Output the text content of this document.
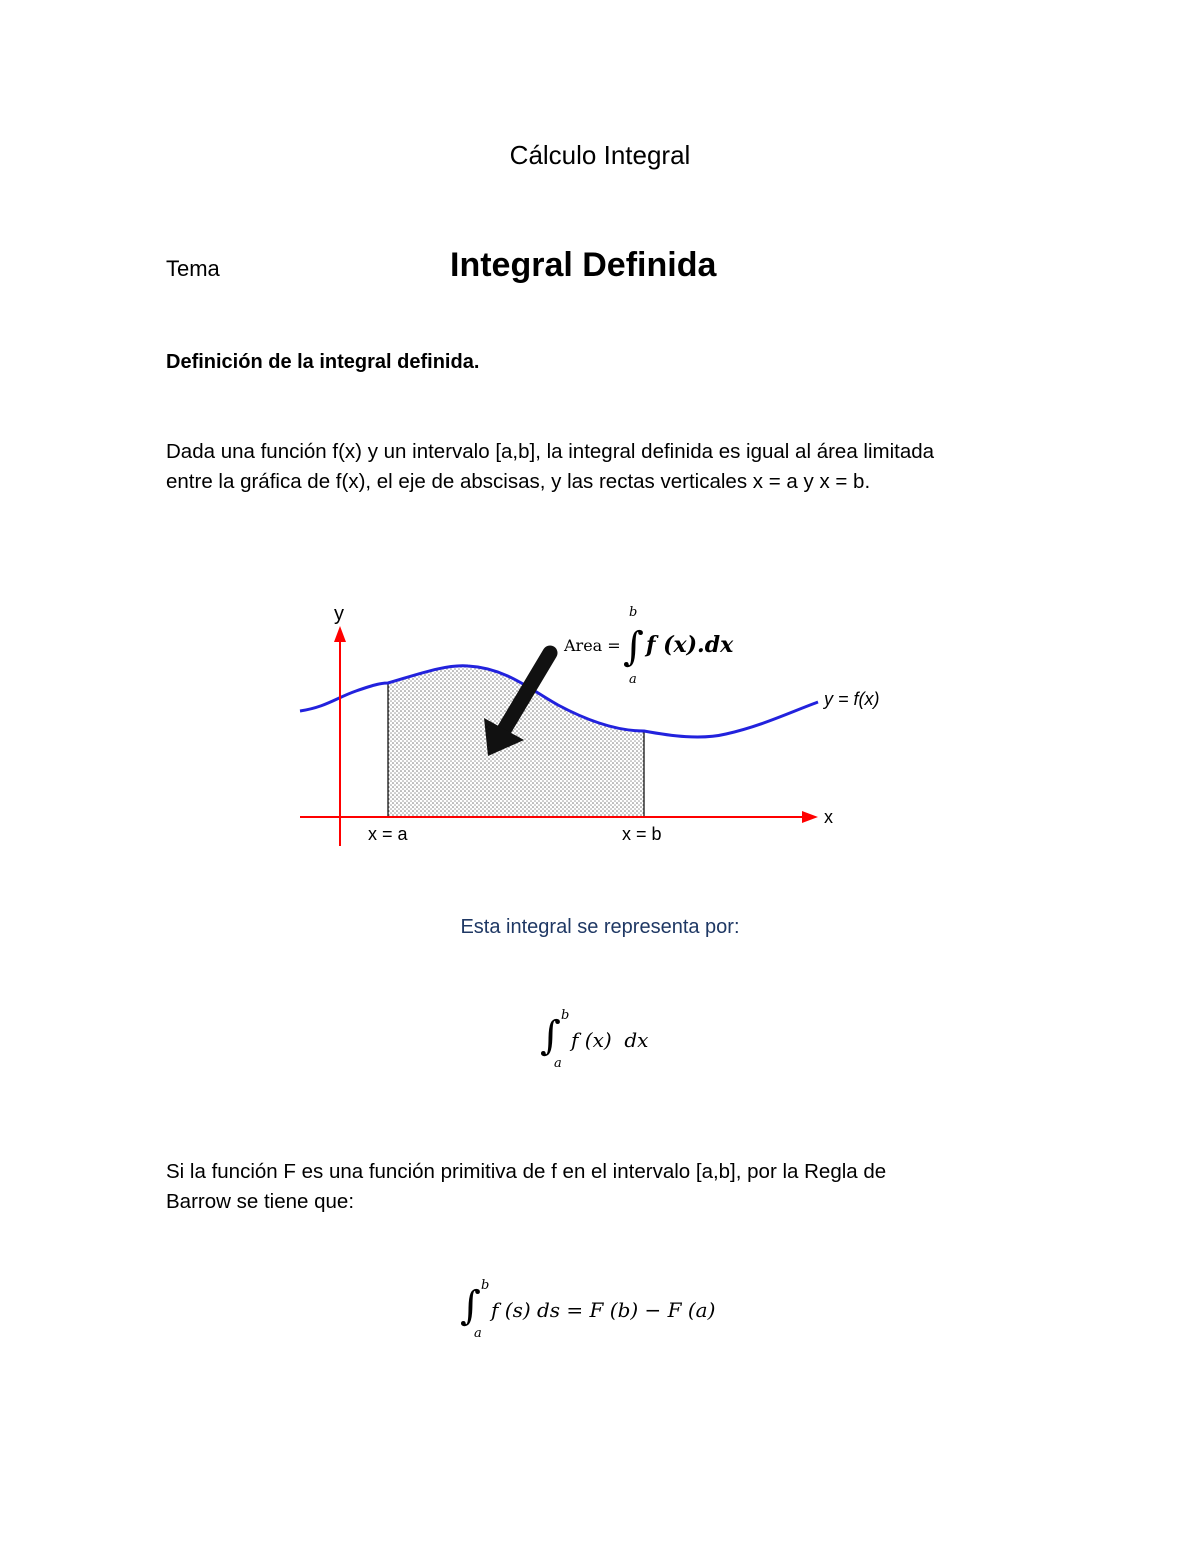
Cálculo Integral
Tema	Integral Definida
Definición de la integral definida.
Dada una función f(x) y un intervalo [a,b], la integral definida es igual al área limitada
entre la gráfica de f(x), el eje de abscisas, y las rectas verticales x = a y x = b.
y
x
x = a	x = b
Area = ∫
b
a
f (x).dx
y = f(x)
Esta integral se representa por:
∫ b
a
f (x)  dx
Si la función F es una función primitiva de f en el intervalo [a,b], por la Regla de
Barrow se tiene que:
∫ b
a
f (s) ds = F (b) − F (a)
